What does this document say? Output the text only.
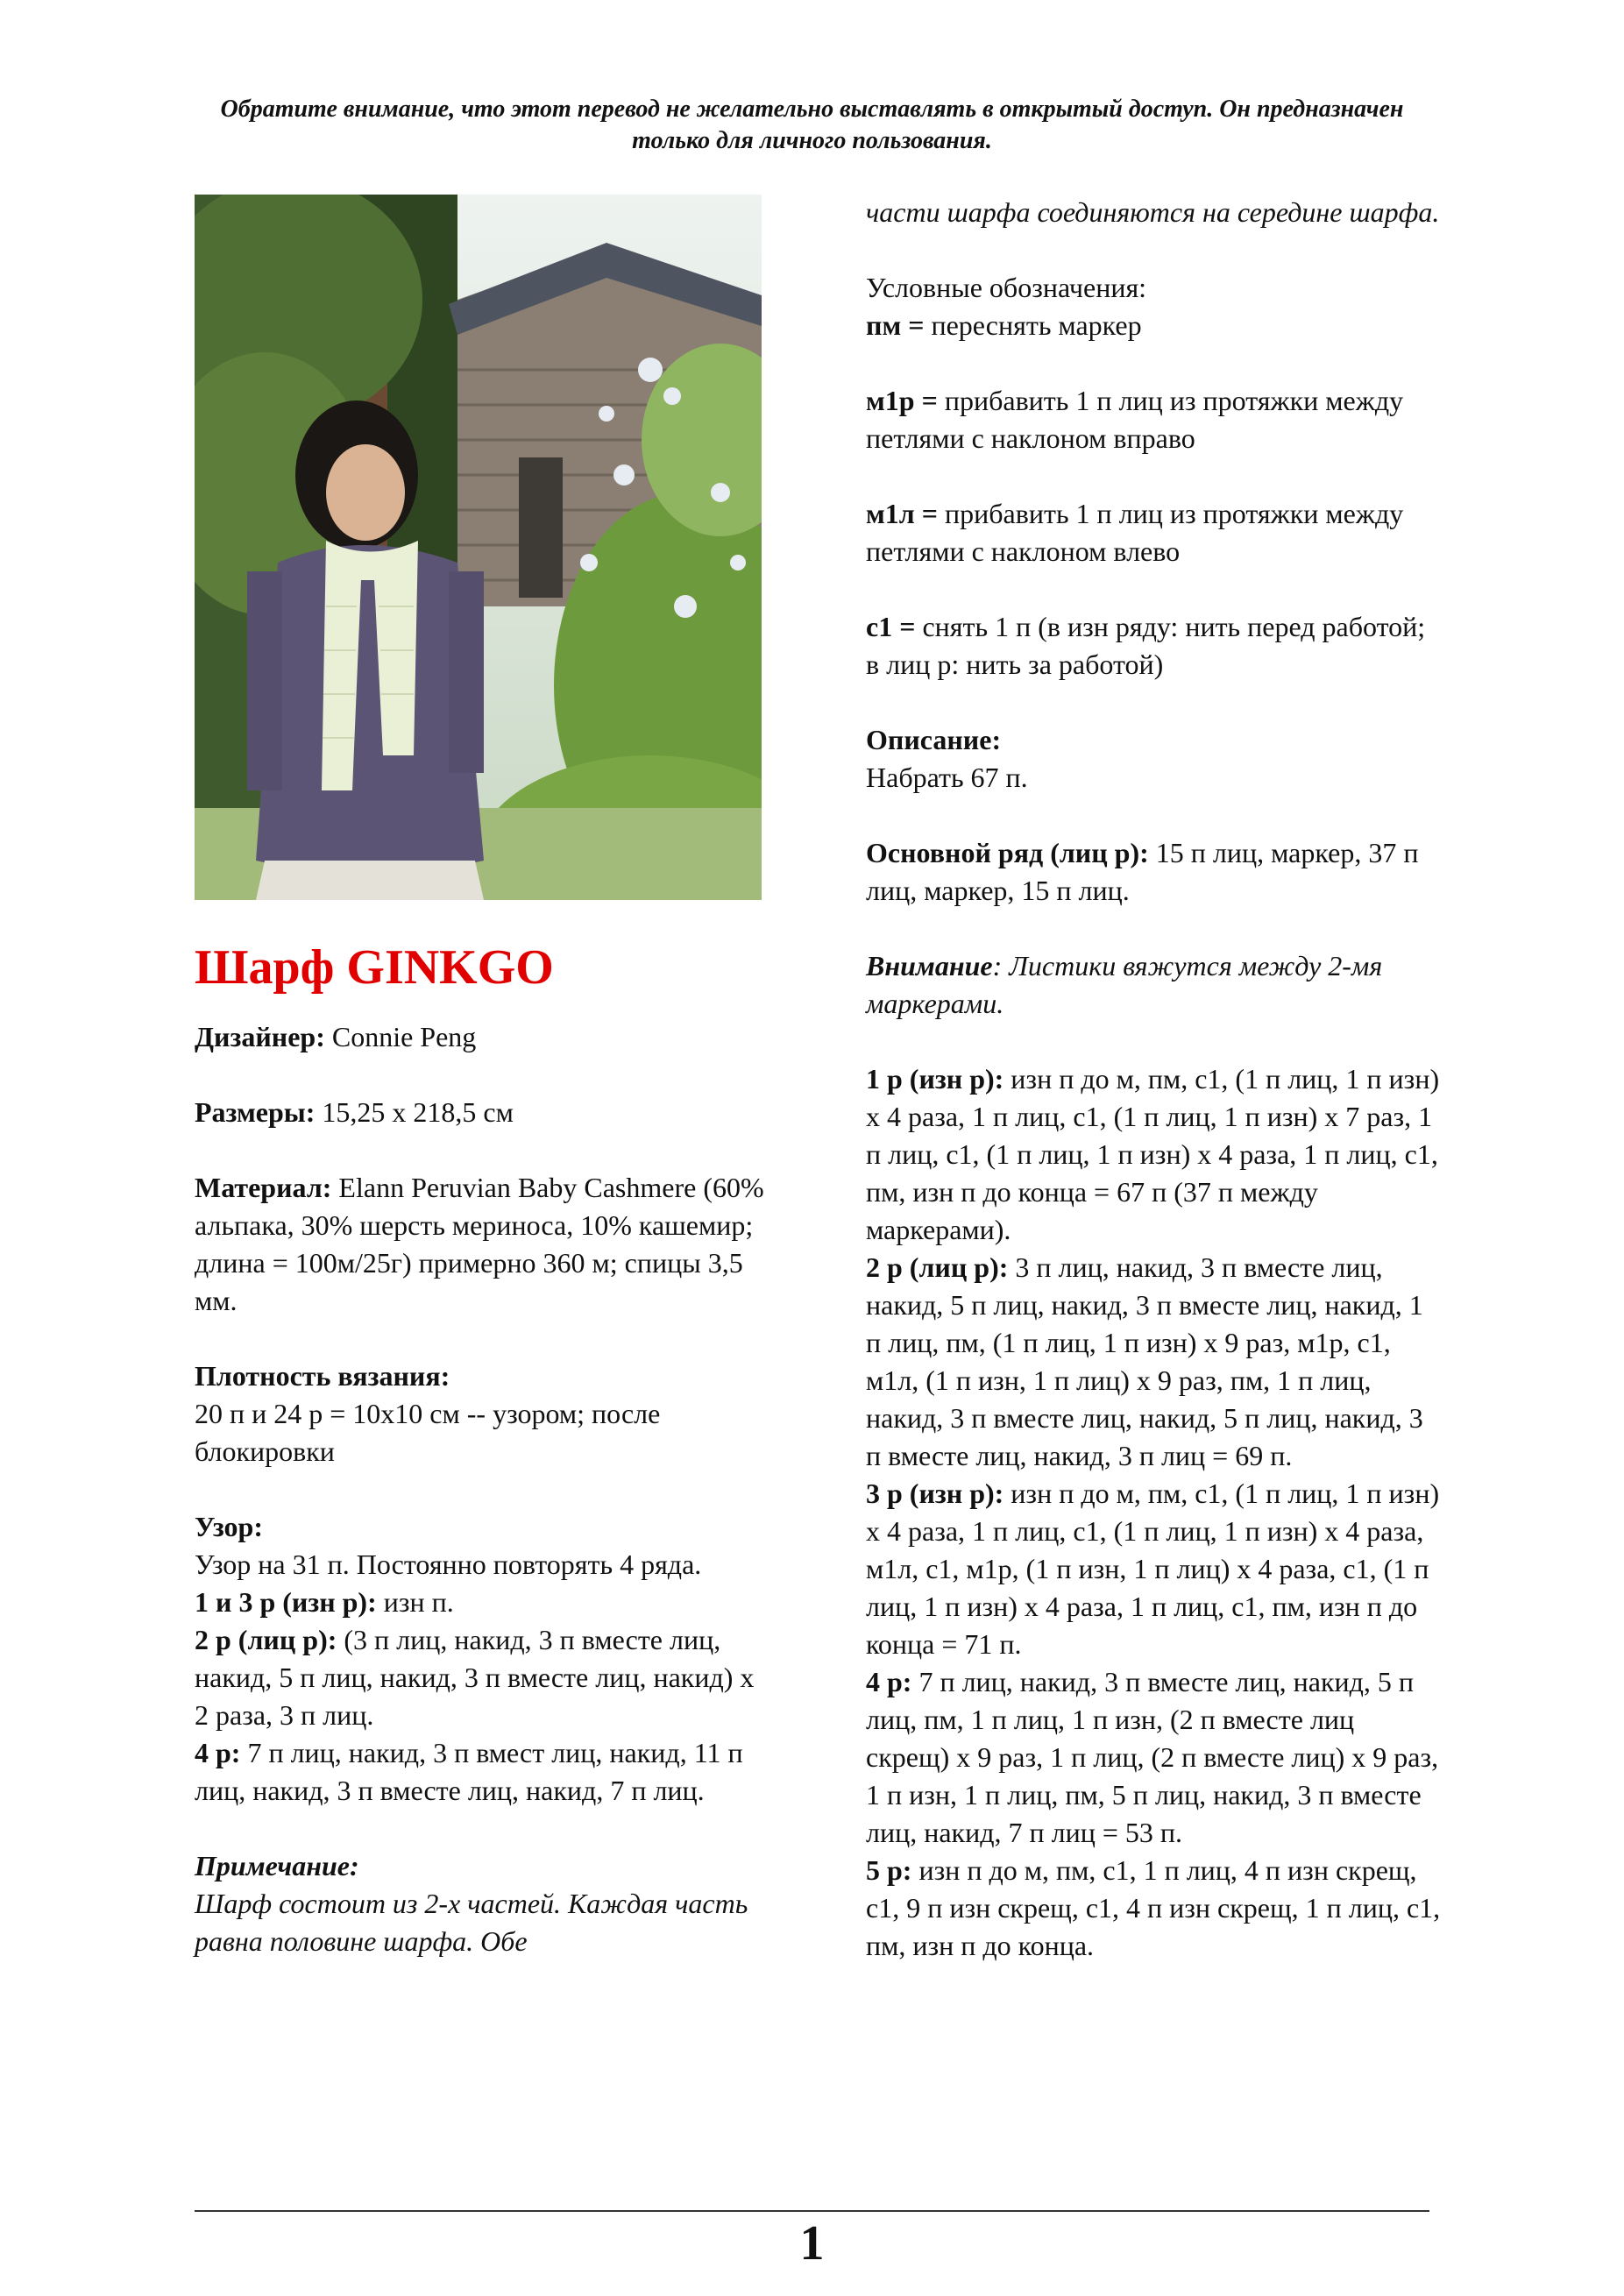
Обратите внимание, что этот перевод не желательно выставлять в открытый доступ. Он предназначен только для личного пользования.
Шарф GINKGO

Дизайнер: Connie Peng

Размеры: 15,25 х 218,5 см

Материал: Elann Peruvian Baby Cashmere (60% альпака, 30% шерсть мериноса, 10% кашемир; длина = 100м/25г) примерно 360 м; спицы 3,5 мм.

Плотность вязания:
20 п и 24 р = 10х10 см -- узором; после блокировки

Узор:
Узор на 31 п. Постоянно повторять 4 ряда.
1 и 3 р (изн р): изн п.
2 р (лиц р): (3 п лиц, накид, 3 п вместе лиц, накид, 5 п лиц, накид, 3 п вместе лиц, накид) х 2 раза, 3 п лиц.
4 р: 7 п лиц, накид, 3 п вмест лиц, накид, 11 п лиц, накид, 3 п вместе лиц, накид, 7 п лиц.

Примечание:
Шарф состоит из 2-х частей. Каждая часть равна половине шарфа. Обе

части шарфа соединяются на середине шарфа.

Условные обозначения:
пм = переснять маркер

м1р = прибавить 1 п лиц из протяжки между петлями с наклоном вправо

м1л = прибавить 1 п лиц из протяжки между петлями с наклоном влево

с1 = снять 1 п (в изн ряду: нить перед работой; в лиц р: нить за работой)

Описание:
Набрать 67 п.

Основной ряд (лиц р): 15 п лиц, маркер, 37 п лиц, маркер, 15 п лиц.

Внимание: Листики вяжутся между 2-мя маркерами.

1 р (изн р): изн п до м, пм, с1, (1 п лиц, 1 п изн) х 4 раза, 1 п лиц, с1, (1 п лиц, 1 п изн) х 7 раз, 1 п лиц, с1, (1 п лиц, 1 п изн) х 4 раза, 1 п лиц, с1, пм, изн п до конца = 67 п (37 п между маркерами).
2 р (лиц р): 3 п лиц, накид, 3 п вместе лиц, накид, 5 п лиц, накид, 3 п вместе лиц, накид, 1 п лиц, пм, (1 п лиц, 1 п изн) х 9 раз, м1р, с1, м1л, (1 п изн, 1 п лиц) х 9 раз, пм, 1 п лиц, накид, 3 п вместе лиц, накид, 5 п лиц, накид, 3 п вместе лиц, накид, 3 п лиц = 69 п.
3 р (изн р): изн п до м, пм, с1, (1 п лиц, 1 п изн) х 4 раза, 1 п лиц, с1, (1 п лиц, 1 п изн) х 4 раза, м1л, с1, м1р, (1 п изн, 1 п лиц) х 4 раза, с1, (1 п лиц, 1 п изн) х 4 раза, 1 п лиц, с1, пм, изн п до конца = 71 п.
4 р: 7 п лиц, накид, 3 п вместе лиц, накид, 5 п лиц, пм, 1 п лиц, 1 п изн, (2 п вместе лиц скрещ) х 9 раз, 1 п лиц, (2 п вместе лиц) х 9 раз, 1 п изн, 1 п лиц, пм, 5 п лиц, накид, 3 п вместе лиц, накид, 7 п лиц = 53 п.
5 р: изн п до м, пм, с1, 1 п лиц, 4 п изн скрещ, с1, 9 п изн скрещ, с1, 4 п изн скрещ, 1 п лиц, с1, пм, изн п до конца.

1
